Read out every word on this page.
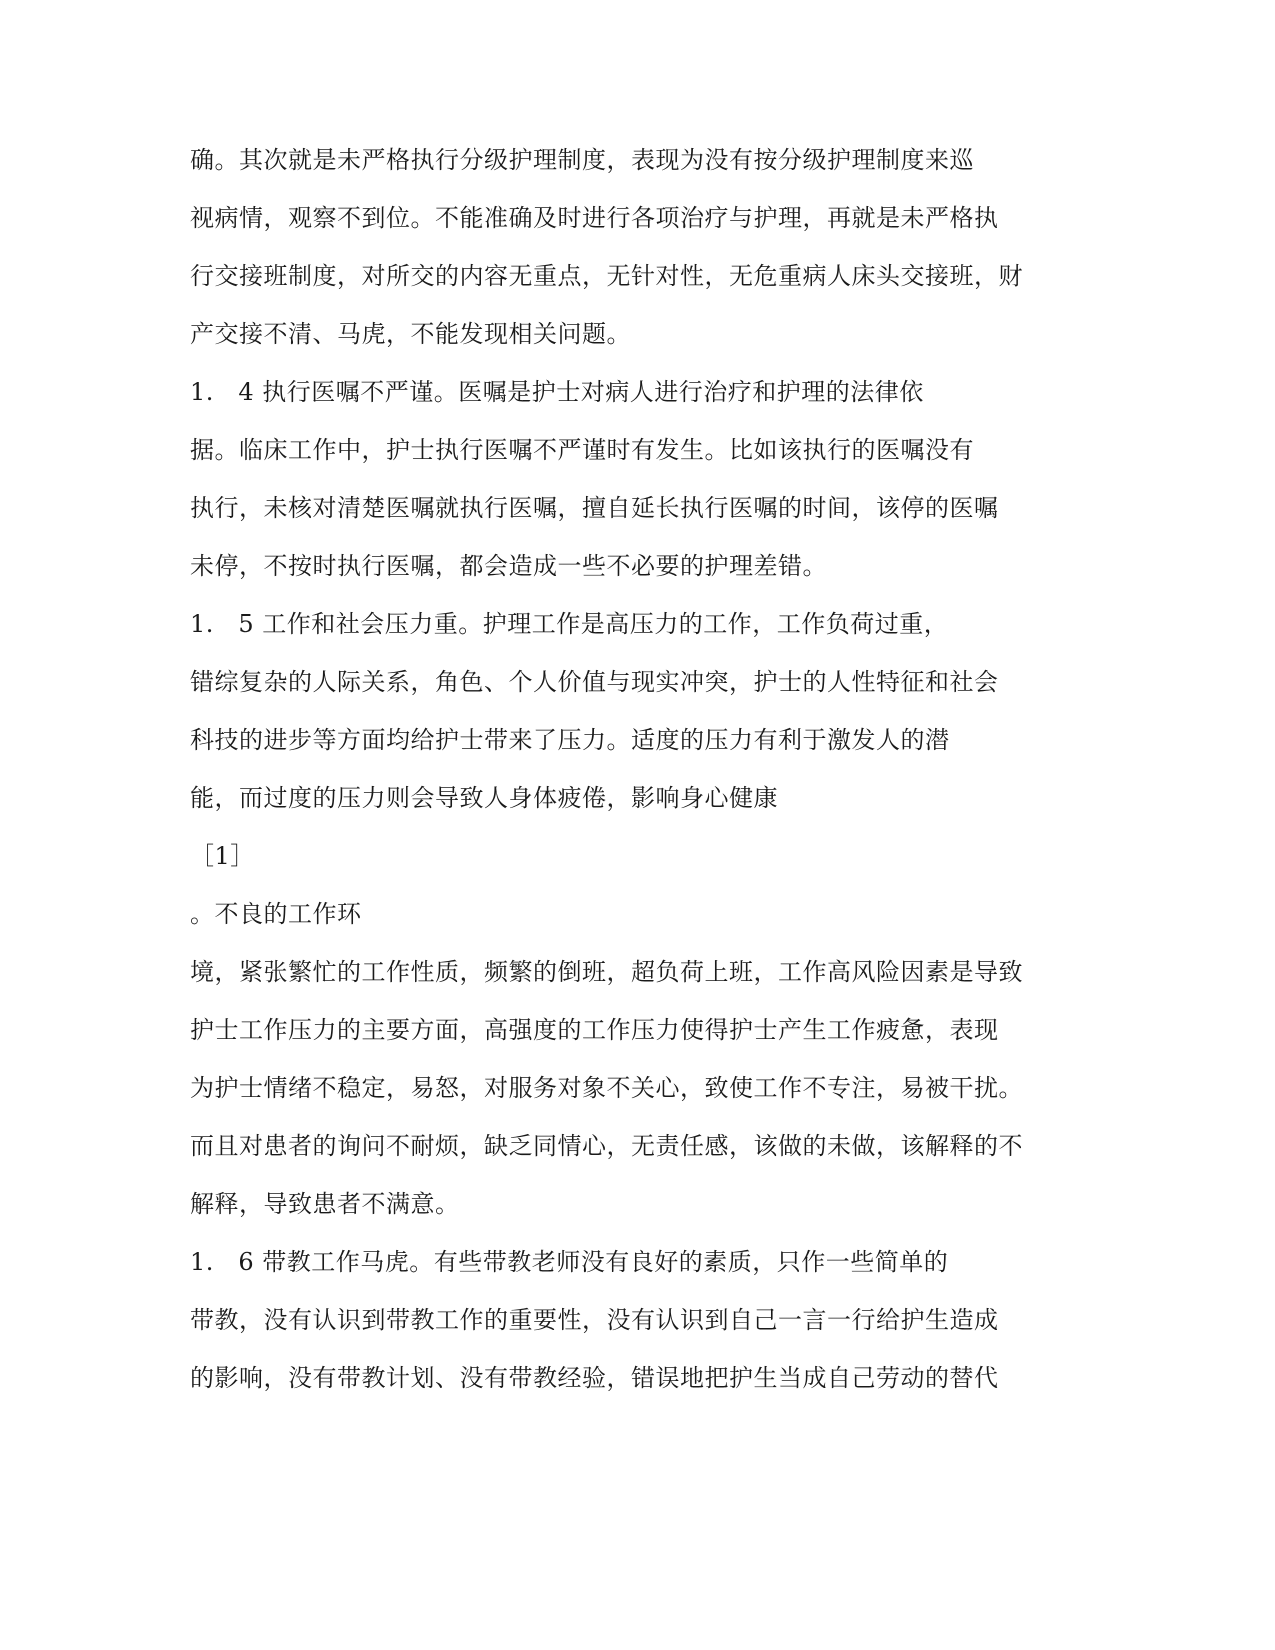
确。其次就是未严格执行分级护理制度，表现为没有按分级护理制度来巡
视病情，观察不到位。不能准确及时进行各项治疗与护理，再就是未严格执
行交接班制度，对所交的内容无重点，无针对性，无危重病人床头交接班，财
产交接不清、马虎，不能发现相关问题。
1.　4 执行医嘱不严谨。医嘱是护士对病人进行治疗和护理的法律依
据。临床工作中，护士执行医嘱不严谨时有发生。比如该执行的医嘱没有
执行，未核对清楚医嘱就执行医嘱，擅自延长执行医嘱的时间，该停的医嘱
未停，不按时执行医嘱，都会造成一些不必要的护理差错。
1.　5 工作和社会压力重。护理工作是高压力的工作，工作负荷过重，
错综复杂的人际关系，角色、个人价值与现实冲突，护士的人性特征和社会
科技的进步等方面均给护士带来了压力。适度的压力有利于激发人的潜
能，而过度的压力则会导致人身体疲倦，影响身心健康
［1］
。不良的工作环
境，紧张繁忙的工作性质，频繁的倒班，超负荷上班，工作高风险因素是导致
护士工作压力的主要方面，高强度的工作压力使得护士产生工作疲惫，表现
为护士情绪不稳定，易怒，对服务对象不关心，致使工作不专注，易被干扰。
而且对患者的询问不耐烦，缺乏同情心，无责任感，该做的未做，该解释的不
解释，导致患者不满意。
1.　6 带教工作马虎。有些带教老师没有良好的素质，只作一些简单的
带教，没有认识到带教工作的重要性，没有认识到自己一言一行给护生造成
的影响，没有带教计划、没有带教经验，错误地把护生当成自己劳动的替代
